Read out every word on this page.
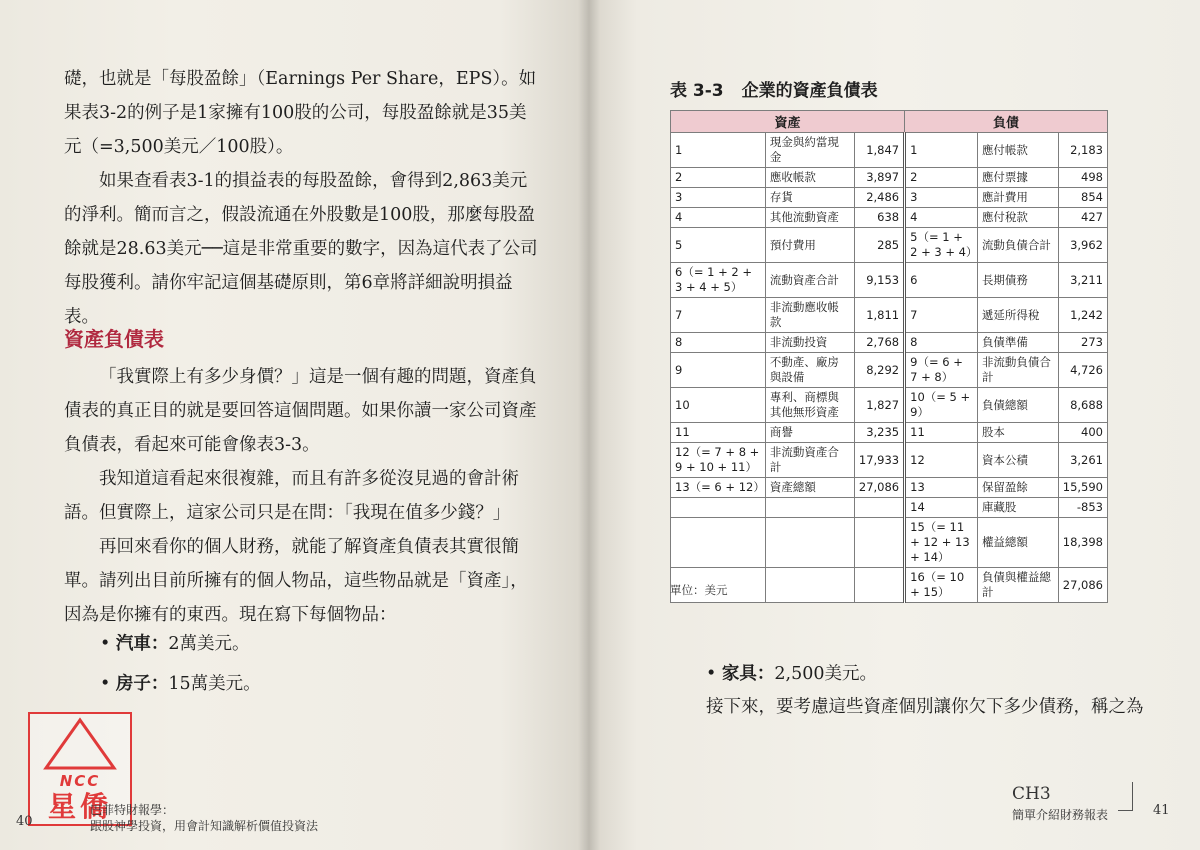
礎，也就是「每股盈餘」（Earnings Per Share，EPS）。如果表3-2的例子是1家擁有100股的公司，每股盈餘就是35美元（=3,500美元／100股）。

如果查看表3-1的損益表的每股盈餘，會得到2,863美元的淨利。簡而言之，假設流通在外股數是100股，那麼每股盈餘就是28.63美元──這是非常重要的數字，因為這代表了公司每股獲利。請你牢記這個基礎原則，第6章將詳細說明損益表。

資產負債表

「我實際上有多少身價？」這是一個有趣的問題，資產負債表的真正目的就是要回答這個問題。如果你讀一家公司資產負債表，看起來可能會像表3-3。

我知道這看起來很複雜，而且有許多從沒見過的會計術語。但實際上，這家公司只是在問：「我現在值多少錢？」

再回來看你的個人財務，就能了解資產負債表其實很簡單。請列出目前所擁有的個人物品，這些物品就是「資產」，因為是你擁有的東西。現在寫下每個物品：

• 汽車：2萬美元。
• 房子：15萬美元。
NCC
星僑
40
巴菲特財報學：
跟股神學投資，用會計知識解析價值投資法
表 3-3 企業的資產負債表
資產			負債		
1	現金與約當現金	1,847	1	應付帳款	2,183
2	應收帳款	3,897	2	應付票據	498
3	存貨	2,486	3	應計費用	854
4	其他流動資產	638	4	應付稅款	427
5	預付費用	285	5（= 1 + 2 + 3 + 4）	流動負債合計	3,962
6（= 1 + 2 + 3 + 4 + 5）	流動資產合計	9,153	6	長期債務	3,211
7	非流動應收帳款	1,811	7	遞延所得稅	1,242
8	非流動投資	2,768	8	負債準備	273
9	不動產、廠房與設備	8,292	9（= 6 + 7 + 8）	非流動負債合計	4,726
10	專利、商標與其他無形資產	1,827	10（= 5 + 9）	負債總額	8,688
11	商譽	3,235	11	股本	400
12（= 7 + 8 + 9 + 10 + 11）	非流動資產合計	17,933	12	資本公積	3,261
13（= 6 + 12）	資產總額	27,086	13	保留盈餘	15,590
			14	庫藏股	-853
			15（= 11 + 12 + 13 + 14）	權益總額	18,398
			16（= 10 + 15）	負債與權益總計	27,086
單位：美元
• 家具：2,500美元。

接下來，要考慮這些資產個別讓你欠下多少債務，稱之為

CH3
簡單介紹財務報表	41
